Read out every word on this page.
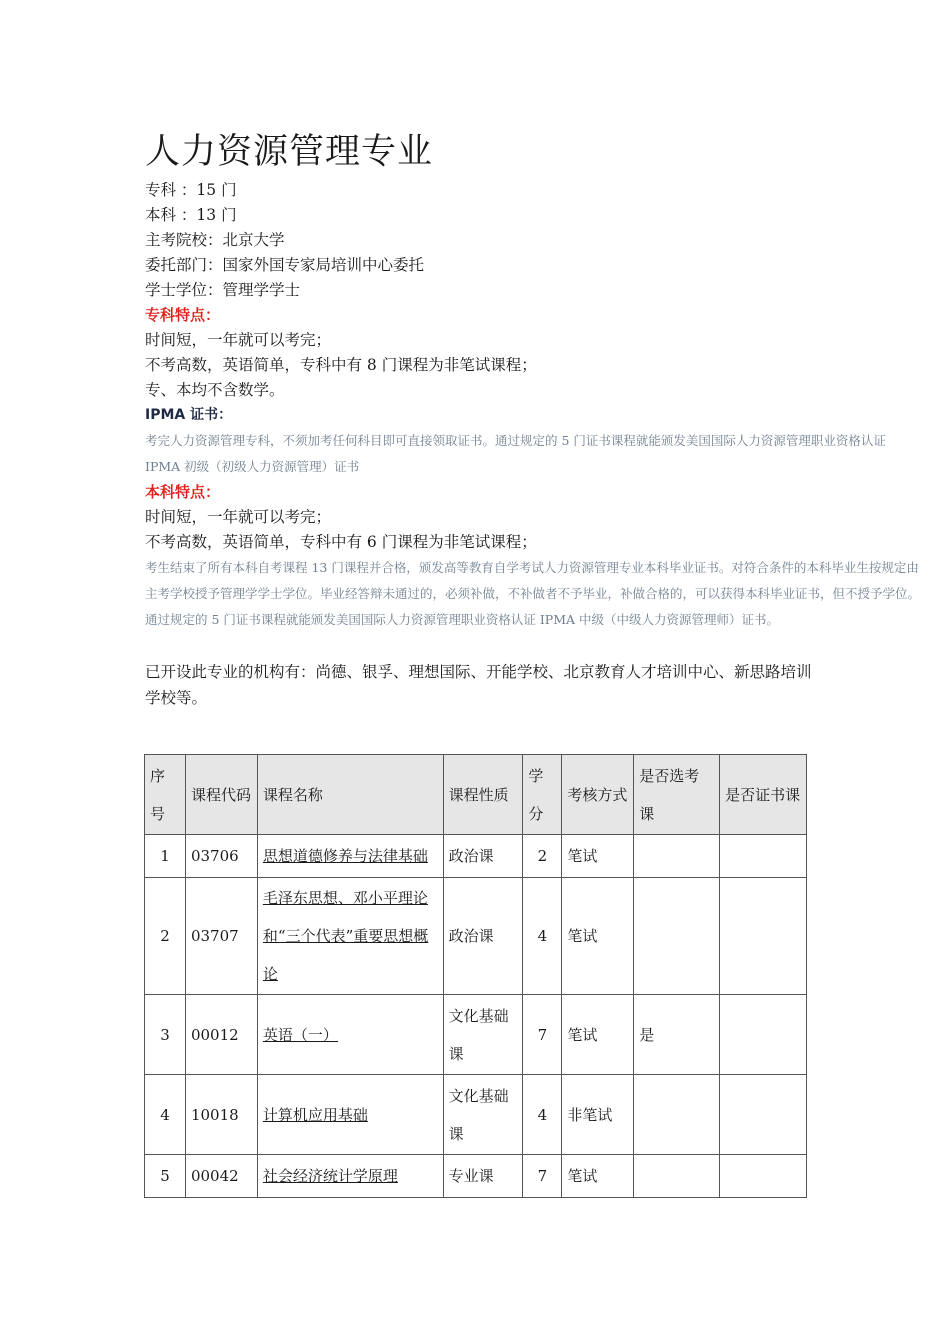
人力资源管理专业
专科 ：15 门
本科 ：13 门
主考院校：北京大学
委托部门：国家外国专家局培训中心委托
学士学位：管理学学士
专科特点：
时间短，一年就可以考完；
不考高数，英语简单，专科中有 8 门课程为非笔试课程；
专、本均不含数学。
IPMA 证书：
考完人力资源管理专科，不须加考任何科目即可直接领取证书。通过规定的 5 门证书课程就能颁发美国国际人力资源管理职业资格认证 IPMA 初级（初级人力资源管理）证书
本科特点：
时间短，一年就可以考完；
不考高数，英语简单，专科中有 6 门课程为非笔试课程；
考生结束了所有本科自考课程 13 门课程并合格，颁发高等教育自学考试人力资源管理专业本科毕业证书。对符合条件的本科毕业生按规定由主考学校授予管理学学士学位。毕业经答辩未通过的，必须补做，不补做者不予毕业，补做合格的，可以获得本科毕业证书，但不授予学位。通过规定的 5 门证书课程就能颁发美国国际人力资源管理职业资格认证 IPMA 中级（中级人力资源管理师）证书。
已开设此专业的机构有：尚德、银孚、理想国际、开能学校、北京教育人才培训中心、新思路培训学校等。
序号	课程代码	课程名称	课程性质	学分	考核方式	是否选考课	是否证书课
1	03706	思想道德修养与法律基础	政治课	2	笔试		
2	03707	毛泽东思想、邓小平理论和“三个代表”重要思想概论	政治课	4	笔试		
3	00012	英语（一）	文化基础课	7	笔试	是	
4	10018	计算机应用基础	文化基础课	4	非笔试		
5	00042	社会经济统计学原理	专业课	7	笔试		
